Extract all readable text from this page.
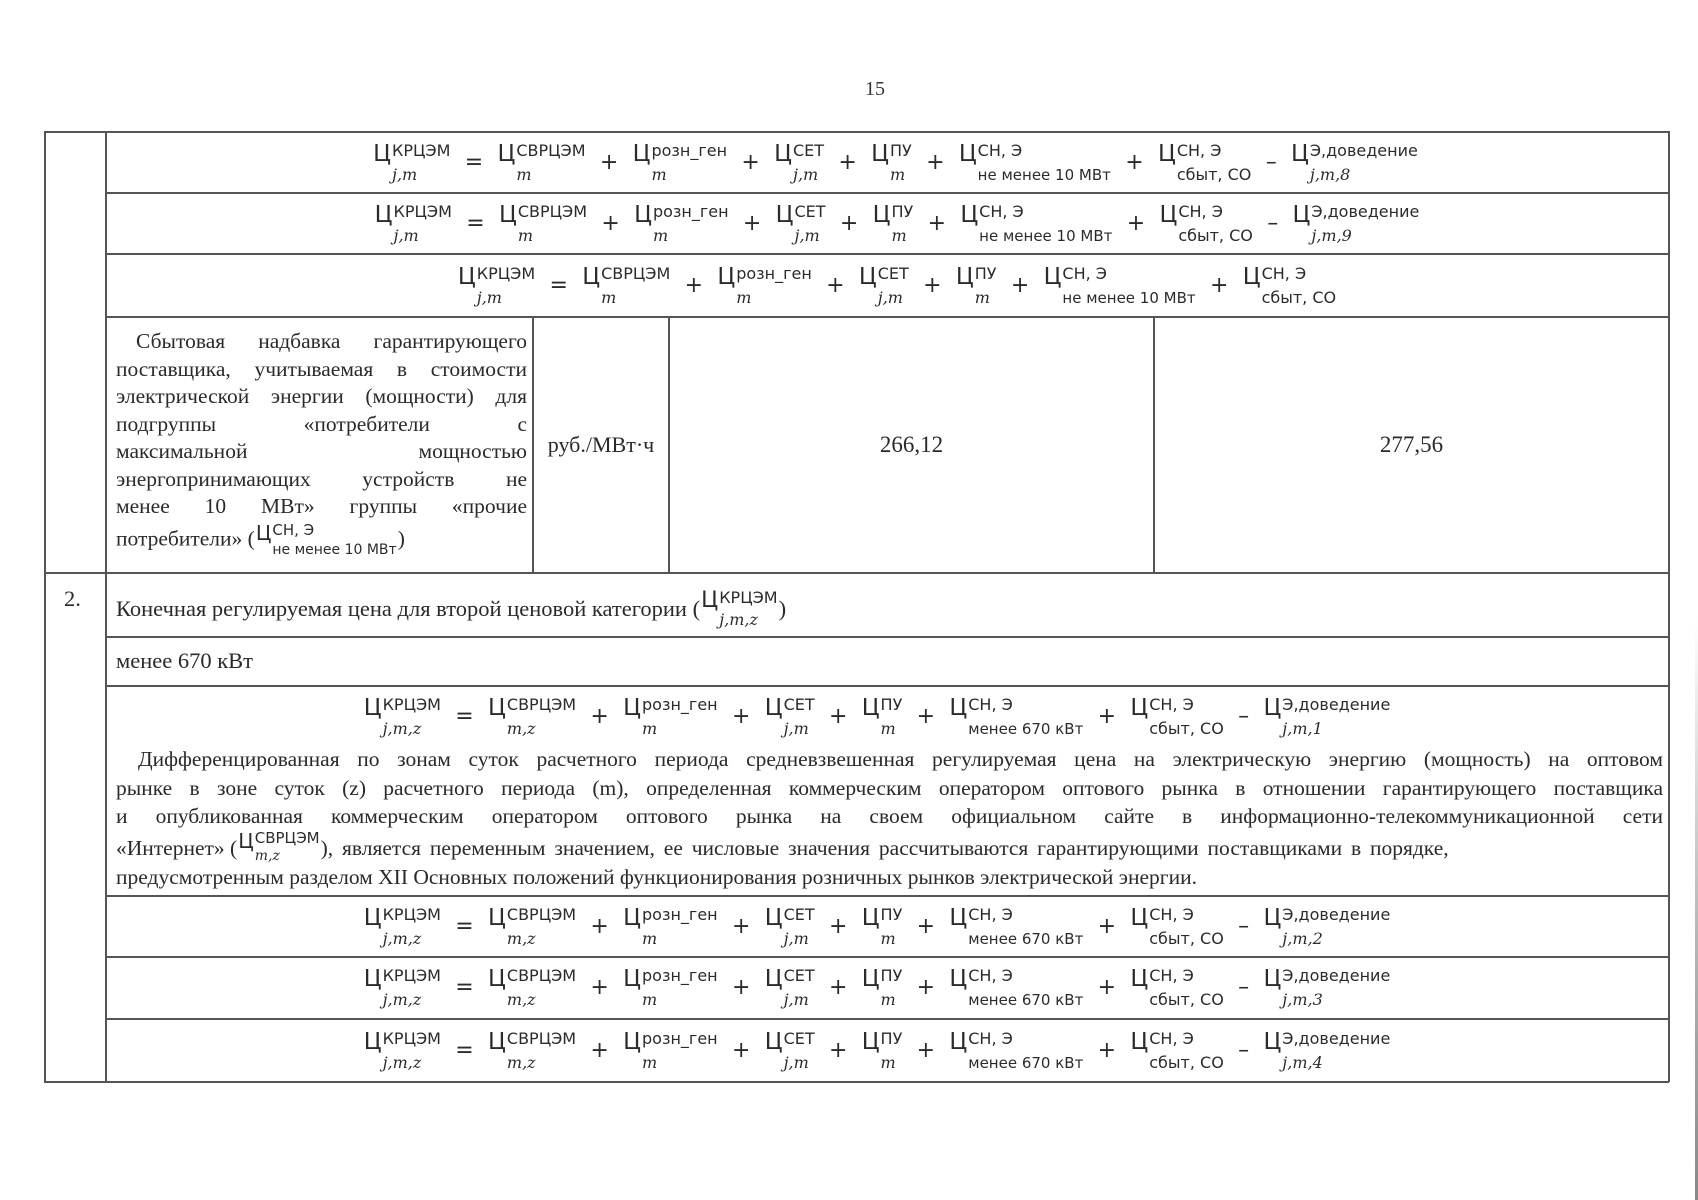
15
Ц КРЦЭМ
j,m	= Ц СВРЦЭМ
m	+ Ц розн_ген
m	+ Ц СЕТ
j,m + Ц ПУ
m + Ц СН, Э
не менее 10 МВт + Ц СН, Э
сбыт, СО – Ц Э,доведение
j,m,8
Ц КРЦЭМ
j,m	= Ц СВРЦЭМ
m	+ Ц розн_ген
m	+ Ц СЕТ
j,m + Ц ПУ
m + Ц СН, Э
не менее 10 МВт + Ц СН, Э
сбыт, СО – Ц Э,доведение
j,m,9
Ц КРЦЭМ
j,m	= Ц СВРЦЭМ
m	+ Ц розн_ген
m	+ Ц СЕТ
j,m + Ц ПУ
m + Ц СН, Э
не менее 10 МВт + Ц СН, Э
сбыт, СО
Сбытовая надбавка гарантирующего
поставщика, учитываемая в стоимости
электрической энергии (мощности) для
подгруппы «потребители с
максимальной мощностью
энергопринимающих устройств не
менее 10 МВт» группы «прочие
потребители» ( Ц СН, Э
не менее 10 МВт )
руб./МВт·ч	266,12	277,56
2.	Конечная регулируемая цена для второй ценовой категории ( Ц КРЦЭМ
j,m,z )
менее 670 кВт
Ц КРЦЭМ
j,m,z	= Ц СВРЦЭМ
m,z	+ Ц розн_ген
m	+ Ц СЕТ
j,m + Ц ПУ
m + Ц СН, Э
менее 670 кВт + Ц СН, Э
сбыт, СО – Ц Э,доведение
j,m,1
Дифференцированная по зонам суток расчетного периода средневзвешенная регулируемая цена на электрическую энергию (мощность) на оптовом
рынке в зоне суток (z) расчетного периода (m), определенная коммерческим оператором оптового рынка в отношении гарантирующего поставщика
и опубликованная коммерческим оператором оптового рынка на своем официальном сайте в информационно-телекоммуникационной сети
«Интернет» ( Ц СВРЦЭМ
m,z	), является переменным значением, ее числовые значения рассчитываются гарантирующими поставщиками в порядке,
предусмотренным разделом XII Основных положений функционирования розничных рынков электрической энергии.
Ц КРЦЭМ
j,m,z	= Ц СВРЦЭМ
m,z	+ Ц розн_ген
m	+ Ц СЕТ
j,m + Ц ПУ
m + Ц СН, Э
менее 670 кВт + Ц СН, Э
сбыт, СО – Ц Э,доведение
j,m,2
Ц КРЦЭМ
j,m,z	= Ц СВРЦЭМ
m,z	+ Ц розн_ген
m	+ Ц СЕТ
j,m + Ц ПУ
m + Ц СН, Э
менее 670 кВт + Ц СН, Э
сбыт, СО – Ц Э,доведение
j,m,3
Ц КРЦЭМ
j,m,z	= Ц СВРЦЭМ
m,z	+ Ц розн_ген
m	+ Ц СЕТ
j,m + Ц ПУ
m + Ц СН, Э
менее 670 кВт + Ц СН, Э
сбыт, СО – Ц Э,доведение
j,m,4
